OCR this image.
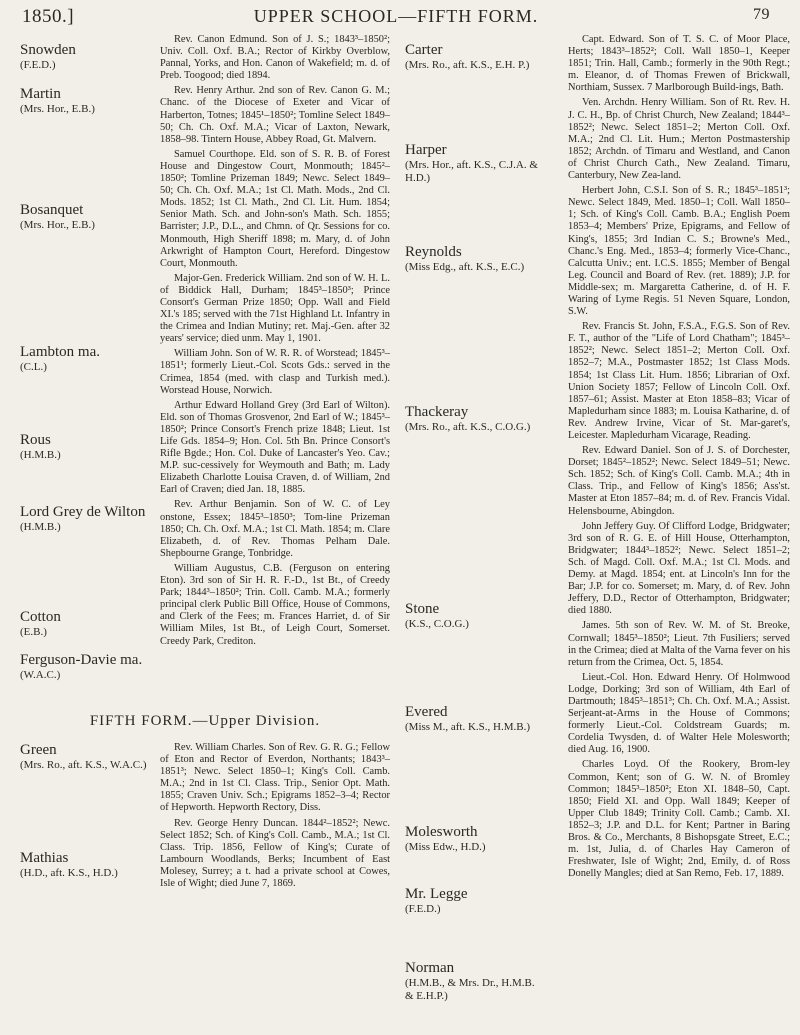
1850.]	UPPER SCHOOL—FIFTH FORM.	79
Snowden
(F.E.D.)
Martin
(Mrs. Hor., E.B.)
Bosanquet
(Mrs. Hor., E.B.)
Lambton ma.
(C.L.)
Rous
(H.M.B.)
Lord Grey de Wilton
(H.M.B.)
Cotton
(E.B.)
Ferguson-Davie ma.
(W.A.C.)

Rev. Canon Edmund. Son of J. S.; 1843³–1850²; Univ. Coll. Oxf. B.A.; Rector of Kirkby Overblow, Pannal, Yorks, and Hon. Canon of Wakefield; m. d. of Preb. Toogood; died 1894.

Rev. Henry Arthur. 2nd son of Rev. Canon G. M.; Chanc. of the Diocese of Exeter and Vicar of Harberton, Totnes; 1845¹–1850²; Tomline Select 1849–50; Ch. Ch. Oxf. M.A.; Vicar of Laxton, Newark, 1858–98. Tintern House, Abbey Road, Gt. Malvern.

Samuel Courthope. Eld. son of S. R. B. of Forest House and Dingestow Court, Monmouth; 1845²–1850²; Tomline Prizeman 1849; Newc. Select 1849–50; Ch. Ch. Oxf. M.A.; 1st Cl. Math. Mods., 2nd Cl. Mods. 1852; 1st Cl. Math., 2nd Cl. Lit. Hum. 1854; Senior Math. Sch. and John-son's Math. Sch. 1855; Barrister; J.P., D.L., and Chmn. of Qr. Sessions for co. Monmouth, High Sheriff 1898; m. Mary, d. of John Arkwright of Hampton Court, Hereford. Dingestow Court, Monmouth.

Major-Gen. Frederick William. 2nd son of W. H. L. of Biddick Hall, Durham; 1845³–1850³; Prince Consort's German Prize 1850; Opp. Wall and Field XI.'s 185; served with the 71st Highland Lt. Infantry in the Crimea and Indian Mutiny; ret. Maj.-Gen. after 32 years' service; died unm. May 1, 1901.

William John. Son of W. R. R. of Worstead; 1845³–1851¹; formerly Lieut.-Col. Scots Gds.: served in the Crimea, 1854 (med. with clasp and Turkish med.). Worstead House, Norwich.

Arthur Edward Holland Grey (3rd Earl of Wilton). Eld. son of Thomas Grosvenor, 2nd Earl of W.; 1845³–1850²; Prince Consort's French prize 1848; Lieut. 1st Life Gds. 1854–9; Hon. Col. 5th Bn. Prince Consort's Rifle Bgde.; Hon. Col. Duke of Lancaster's Yeo. Cav.; M.P. suc-cessively for Weymouth and Bath; m. Lady Elizabeth Charlotte Louisa Craven, d. of William, 2nd Earl of Craven; died Jan. 18, 1885.

Rev. Arthur Benjamin. Son of W. C. of Ley onstone, Essex; 1845³–1850³; Tom-line Prizeman 1850; Ch. Ch. Oxf. M.A.; 1st Cl. Math. 1854; m. Clare Elizabeth, d. of Rev. Thomas Pelham Dale. Shepbourne Grange, Tonbridge.

William Augustus, C.B. (Ferguson on entering Eton). 3rd son of Sir H. R. F.-D., 1st Bt., of Creedy Park; 1844³–1850²; Trin. Coll. Camb. M.A.; formerly principal clerk Public Bill Office, House of Commons, and Clerk of the Fees; m. Frances Harriet, d. of Sir William Miles, 1st Bt., of Leigh Court, Somerset. Creedy Park, Crediton.

FIFTH FORM.—Upper Division.
Green
(Mrs. Ro., aft. K.S., W.A.C.)
Mathias
(H.D., aft. K.S., H.D.)

Rev. William Charles. Son of Rev. G. R. G.; Fellow of Eton and Rector of Everdon, Northants; 1843³–1851³; Newc. Select 1850–1; King's Coll. Camb. M.A.; 2nd in 1st Cl. Class. Trip., Senior Opt. Math. 1855; Craven Univ. Sch.; Epigrams 1852–3–4; Rector of Hepworth. Hepworth Rectory, Diss.

Rev. George Henry Duncan. 1844²–1852²; Newc. Select 1852; Sch. of King's Coll. Camb., M.A.; 1st Cl. Class. Trip. 1856, Fellow of King's; Curate of Lambourn Woodlands, Berks; Incumbent of East Molesey, Surrey; a t. had a private school at Cowes, Isle of Wight; died June 7, 1869.

Carter
(Mrs. Ro., aft. K.S., E.H. P.)
Harper
(Mrs. Hor., aft. K.S., C.J.A. & H.D.)
Reynolds
(Miss Edg., aft. K.S., E.C.)
Thackeray
(Mrs. Ro., aft. K.S., C.O.G.)
Stone
(K.S., C.O.G.)
Evered
(Miss M., aft. K.S., H.M.B.)
Molesworth
(Miss Edw., H.D.)
Mr. Legge
(F.E.D.)
Norman
(H.M.B., & Mrs. Dr., H.M.B. & E.H.P.)

Capt. Edward. Son of T. S. C. of Moor Place, Herts; 1843³–1852²; Coll. Wall 1850–1, Keeper 1851; Trin. Hall, Camb.; formerly in the 90th Regt.; m. Eleanor, d. of Thomas Frewen of Brickwall, Northiam, Sussex. 7 Marlborough Build-ings, Bath.

Ven. Archdn. Henry William. Son of Rt. Rev. H. J. C. H., Bp. of Christ Church, New Zealand; 1844³–1852²; Newc. Select 1851–2; Merton Coll. Oxf. M.A.; 2nd Cl. Lit. Hum.; Merton Postmastership 1852; Archdn. of Timaru and Westland, and Canon of Christ Church Cath., New Zealand. Timaru, Canterbury, New Zea-land.

Herbert John, C.S.I. Son of S. R.; 1845³–1851³; Newc. Select 1849, Med. 1850–1; Coll. Wall 1850–1; Sch. of King's Coll. Camb. B.A.; English Poem 1853–4; Members' Prize, Epigrams, and Fellow of King's, 1855; 3rd Indian C. S.; Browne's Med., Chanc.'s Eng. Med., 1853–4; formerly Vice-Chanc., Calcutta Univ.; ent. I.C.S. 1855; Member of Bengal Leg. Council and Board of Rev. (ret. 1889); J.P. for Middle-sex; m. Margaretta Catherine, d. of H. F. Waring of Lyme Regis. 51 Neven Square, London, S.W.

Rev. Francis St. John, F.S.A., F.G.S. Son of Rev. F. T., author of the "Life of Lord Chatham"; 1845³–1852²; Newc. Select 1851–2; Merton Coll. Oxf. 1852–7; M.A., Postmaster 1852; 1st Class Mods. 1854; 1st Class Lit. Hum. 1856; Librarian of Oxf. Union Society 1857; Fellow of Lincoln Coll. Oxf. 1857–61; Assist. Master at Eton 1858–83; Vicar of Mapledurham since 1883; m. Louisa Katharine, d. of Rev. Andrew Irvine, Vicar of St. Mar-garet's, Leicester. Mapledurham Vicarage, Reading.

Rev. Edward Daniel. Son of J. S. of Dorchester, Dorset; 1845²–1852²; Newc. Select 1849–51; Newc. Sch. 1852; Sch. of King's Coll. Camb. M.A.; 4th in Class. Trip., and Fellow of King's 1856; Ass'st. Master at Eton 1857–84; m. d. of Rev. Francis Vidal. Helensbourne, Abingdon.

John Jeffery Guy. Of Clifford Lodge, Bridgwater; 3rd son of R. G. E. of Hill House, Otterhampton, Bridgwater; 1844³–1852²; Newc. Select 1851–2; Sch. of Magd. Coll. Oxf. M.A.; 1st Cl. Mods. and Demy. at Magd. 1854; ent. at Lincoln's Inn for the Bar; J.P. for co. Somerset; m. Mary, d. of Rev. John Jeffery, D.D., Rector of Otterhampton, Bridgwater; died 1880.

James. 5th son of Rev. W. M. of St. Breoke, Cornwall; 1845³–1850²; Lieut. 7th Fusiliers; served in the Crimea; died at Malta of the Varna fever on his return from the Crimea, Oct. 5, 1854.

Lieut.-Col. Hon. Edward Henry. Of Holmwood Lodge, Dorking; 3rd son of William, 4th Earl of Dartmouth; 1845³–1851³; Ch. Ch. Oxf. M.A.; Assist. Serjeant-at-Arms in the House of Commons; formerly Lieut.-Col. Coldstream Guards; m. Cordelia Twysden, d. of Walter Hele Molesworth; died Aug. 16, 1900.

Charles Loyd. Of the Rookery, Brom-ley Common, Kent; son of G. W. N. of Bromley Common; 1845³–1850²; Eton XI. 1848–50, Capt. 1850; Field XI. and Opp. Wall 1849; Keeper of Upper Club 1849; Trinity Coll. Camb.; Camb. XI. 1852–3; J.P. and D.L. for Kent; Partner in Baring Bros. & Co., Merchants, 8 Bishopsgate Street, E.C.; m. 1st, Julia, d. of Charles Hay Cameron of Freshwater, Isle of Wight; 2nd, Emily, d. of Ross Donelly Mangles; died at San Remo, Feb. 17, 1889.
